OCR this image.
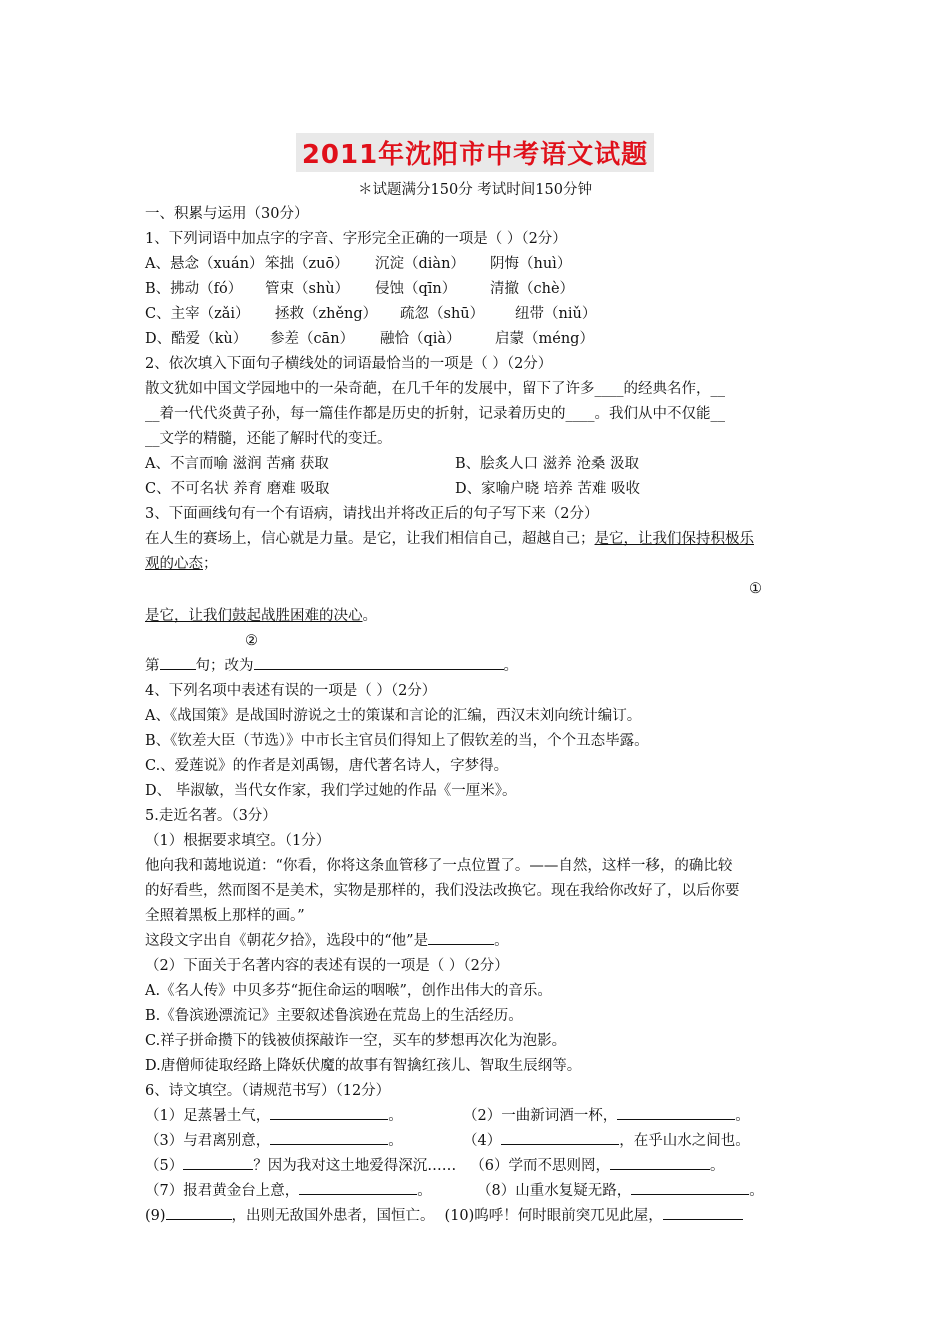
2011年沈阳市中考语文试题
＊试题满分150分 考试时间150分钟
一、积累与运用（30分）
1、下列词语中加点字的字音、字形完全正确的一项是（ ）（2分）
A、悬念（xuán） 笨拙（zuō） 沉淀（diàn） 阴悔（huì）
B、拂动（fó） 管束（shù） 侵蚀（qīn） 清撤（chè）
C、主宰（zǎi） 拯救（zhěng） 疏忽（shū） 纽带（niǔ）
D、酷爱（kù） 参差（cān） 融恰（qià） 启蒙（méng）
2、依次填入下面句子横线处的词语最恰当的一项是（ ）（2分）
散文犹如中国文学园地中的一朵奇葩，在几千年的发展中，留下了许多____的经典名作，__
__着一代代炎黄子孙，每一篇佳作都是历史的折射，记录着历史的____。我们从中不仅能__
__文学的精髓，还能了解时代的变迁。
A、不言而喻 滋润 苦痛 获取	B、脍炙人口 滋养 沧桑 汲取
C、不可名状 养育 磨难 吸取	D、家喻户晓 培养 苦难 吸收
3、下面画线句有一个有语病，请找出并将改正后的句子写下来（2分）
在人生的赛场上，信心就是力量。是它，让我们相信自己，超越自己；是它，让我们保持积极乐
观的心态；
①
是它，让我们鼓起战胜困难的决心。
②
第 句；改为	。
4、下列名项中表述有误的一项是（ ）（2分）
A、《战国策》是战国时游说之士的策谋和言论的汇编，西汉末刘向统计编订。
B、《钦差大臣（节选）》中市长主官员们得知上了假钦差的当，个个丑态毕露。
C.、爱莲说》的作者是刘禹锡，唐代著名诗人，字梦得。
D、 毕淑敏，当代女作家，我们学过她的作品《一厘米》。
5.走近名著。（3分）
（1）根据要求填空。（1分）
他向我和蔼地说道：“你看，你将这条血管移了一点位置了。——自然，这样一移，的确比较
的好看些，然而图不是美术，实物是那样的，我们没法改换它。现在我给你改好了，以后你要
全照着黑板上那样的画。”
这段文字出自《朝花夕拾》，选段中的“他”是	。
（2）下面关于名著内容的表述有误的一项是（ ）（2分）
A.《名人传》中贝多芬“扼住命运的咽喉”，创作出伟大的音乐。
B.《鲁滨逊漂流记》主要叙述鲁滨逊在荒岛上的生活经历。
C.祥子拼命攒下的钱被侦探敲诈一空，买车的梦想再次化为泡影。
D.唐僧师徒取经路上降妖伏魔的故事有智擒红孩儿、智取生辰纲等。
6、诗文填空。（请规范书写）（12分）
（1）足蒸暑土气，	。	（2）一曲新词酒一杯，	。
（3）与君离别意，	。	（4）	，在乎山水之间也。
（5）	？因为我对这土地爱得深沉…… （6）学而不思则罔，	。
（7）报君黄金台上意，	。	（8）山重水复疑无路，	。
(9)	，出则无敌国外患者，国恒亡。 (10)呜呼！何时眼前突兀见此屋，
